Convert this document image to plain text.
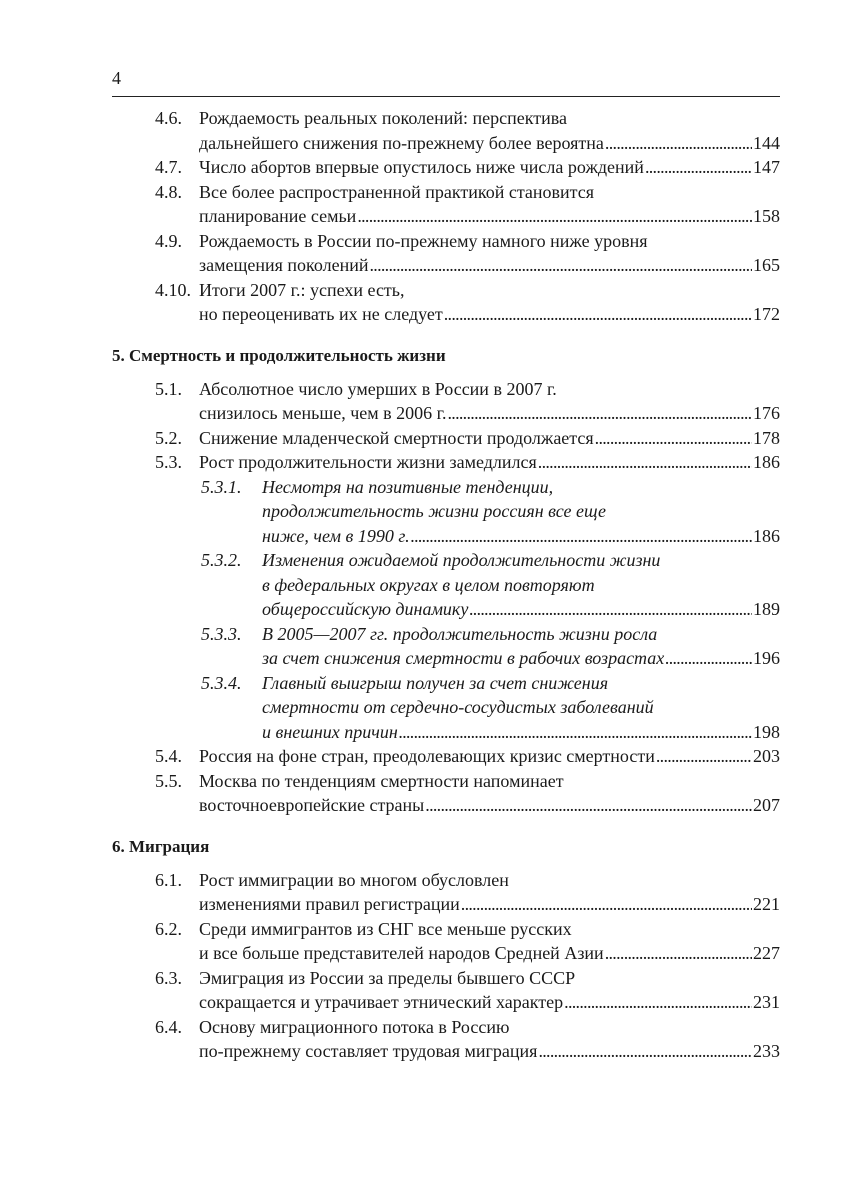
4
4.6. Рождаемость реальных поколений: перспектива
дальнейшего снижения по-прежнему более вероятна . . .	144
4.7. Число абортов впервые опустилось ниже числа рождений . . .	147
4.8. Все более распространенной практикой становится
планирование семьи . . .	158
4.9. Рождаемость в России по-прежнему намного ниже уровня
замещения поколений . . .	165
4.10. Итоги 2007 г.: успехи есть,
но переоценивать их не следует . . .	172
5. Смертность и продолжительность жизни
5.1. Абсолютное число умерших в России в 2007 г.
снизилось меньше, чем в 2006 г. . . .	176
5.2. Снижение младенческой смертности продолжается . . .	178
5.3. Рост продолжительности жизни замедлился . . .	186
5.3.1. Несмотря на позитивные тенденции,
продолжительность жизни россиян все еще
ниже, чем в 1990 г. . . .	186
5.3.2. Изменения ожидаемой продолжительности жизни
в федеральных округах в целом повторяют
общероссийскую динамику . . .	189
5.3.3. В 2005—2007 гг. продолжительность жизни росла
за счет снижения смертности в рабочих возрастах . . .	196
5.3.4. Главный выигрыш получен за счет снижения
смертности от сердечно-сосудистых заболеваний
и внешних причин . . .	198
5.4. Россия на фоне стран, преодолевающих кризис смертности . . .	203
5.5. Москва по тенденциям смертности напоминает
восточноевропейские страны . . .	207
6. Миграция
6.1. Рост иммиграции во многом обусловлен
изменениями правил регистрации . . .	221
6.2. Среди иммигрантов из СНГ все меньше русских
и все больше представителей народов Средней Азии . . .	227
6.3. Эмиграция из России за пределы бывшего СССР
сокращается и утрачивает этнический характер . . .	231
6.4. Основу миграционного потока в Россию
по-прежнему составляет трудовая миграция . . .	233
